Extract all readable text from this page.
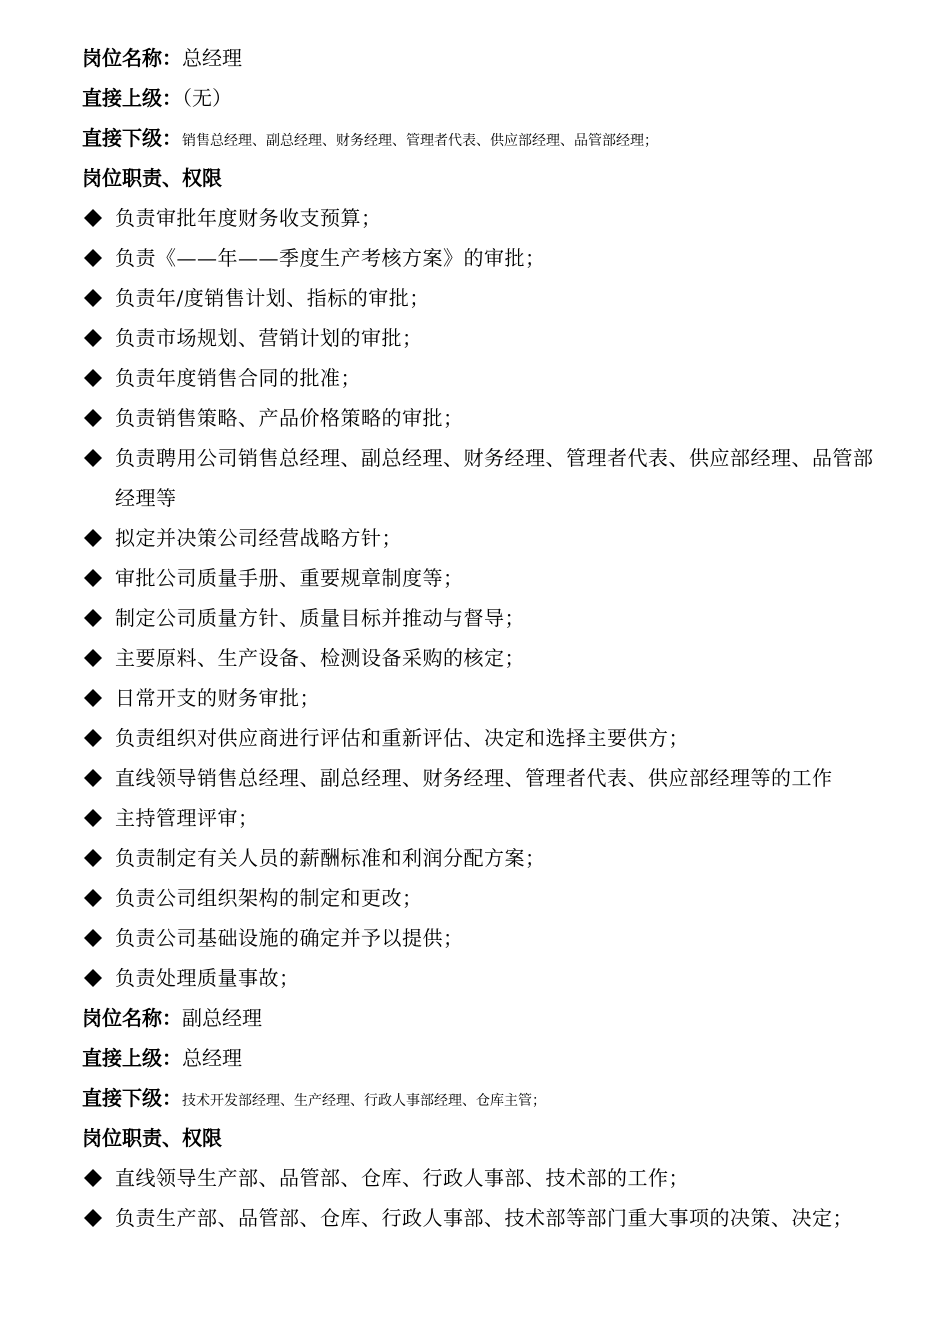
岗位名称：总经理
直接上级：（无）
直接下级：销售总经理、副总经理、财务经理、管理者代表、供应部经理、品管部经理；
岗位职责、权限
负责审批年度财务收支预算；
负责《——年——季度生产考核方案》的审批；
负责年/度销售计划、指标的审批；
负责市场规划、营销计划的审批；
负责年度销售合同的批准；
负责销售策略、产品价格策略的审批；
负责聘用公司销售总经理、副总经理、财务经理、管理者代表、供应部经理、品管部经理等
拟定并决策公司经营战略方针；
审批公司质量手册、重要规章制度等；
制定公司质量方针、质量目标并推动与督导；
主要原料、生产设备、检测设备采购的核定；
日常开支的财务审批；
负责组织对供应商进行评估和重新评估、决定和选择主要供方；
直线领导销售总经理、副总经理、财务经理、管理者代表、供应部经理等的工作
主持管理评审；
负责制定有关人员的薪酬标准和利润分配方案；
负责公司组织架构的制定和更改；
负责公司基础设施的确定并予以提供；
负责处理质量事故；
岗位名称：副总经理
直接上级：总经理
直接下级：技术开发部经理、生产经理、行政人事部经理、仓库主管；
岗位职责、权限
直线领导生产部、品管部、仓库、行政人事部、技术部的工作；
负责生产部、品管部、仓库、行政人事部、技术部等部门重大事项的决策、决定；
